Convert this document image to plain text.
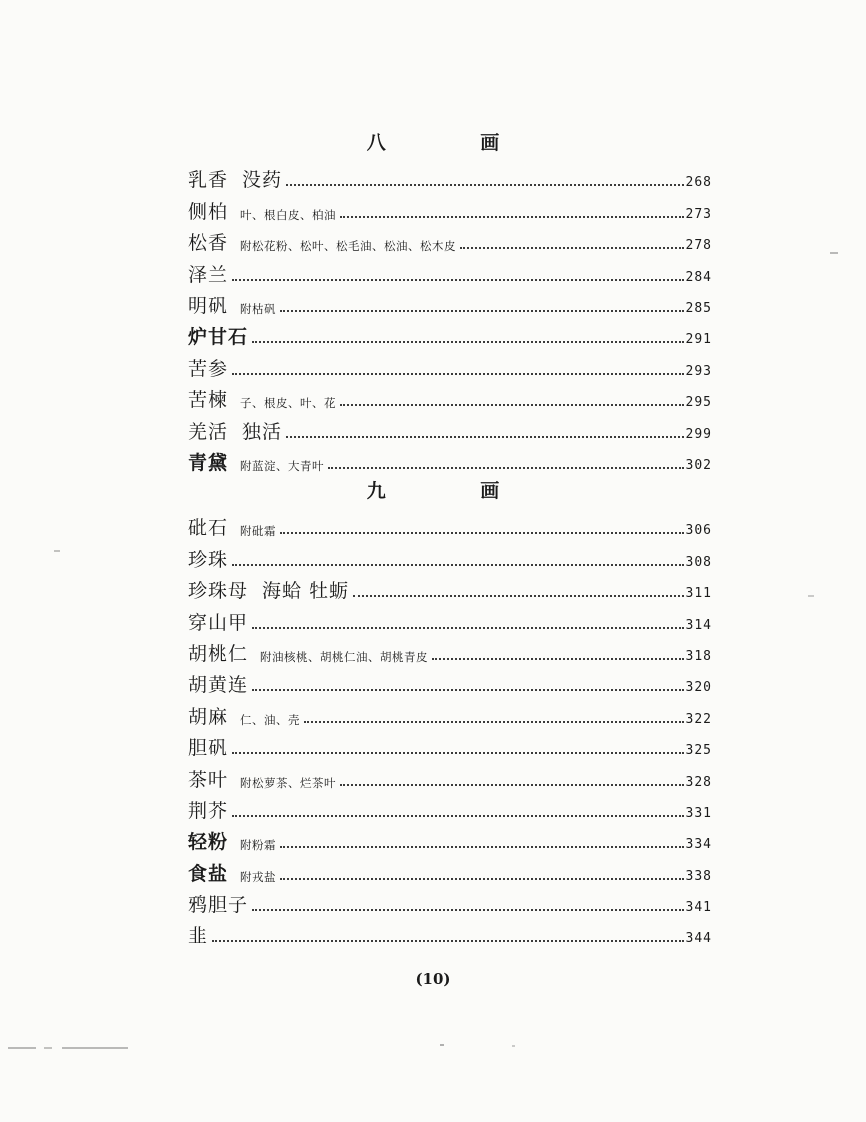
八 画
乳香 没药	268
侧柏 叶、根白皮、柏油	273
松香 附松花粉、松叶、松毛油、松油、松木皮	278
泽兰	284
明矾 附枯矾	285
炉甘石	291
苦参	293
苦楝 子、根皮、叶、花	295
羌活 独活	299
青黛 附蓝淀、大青叶	302
九 画
砒石 附砒霜	306
珍珠	308
珍珠母 海蛤 牡蛎	311
穿山甲	314
胡桃仁 附油核桃、胡桃仁油、胡桃青皮	318
胡黄连	320
胡麻 仁、油、壳	322
胆矾	325
茶叶 附松萝茶、烂茶叶	328
荆芥	331
轻粉 附粉霜	334
食盐 附戎盐	338
鸦胆子	341
韭	344
(10)
